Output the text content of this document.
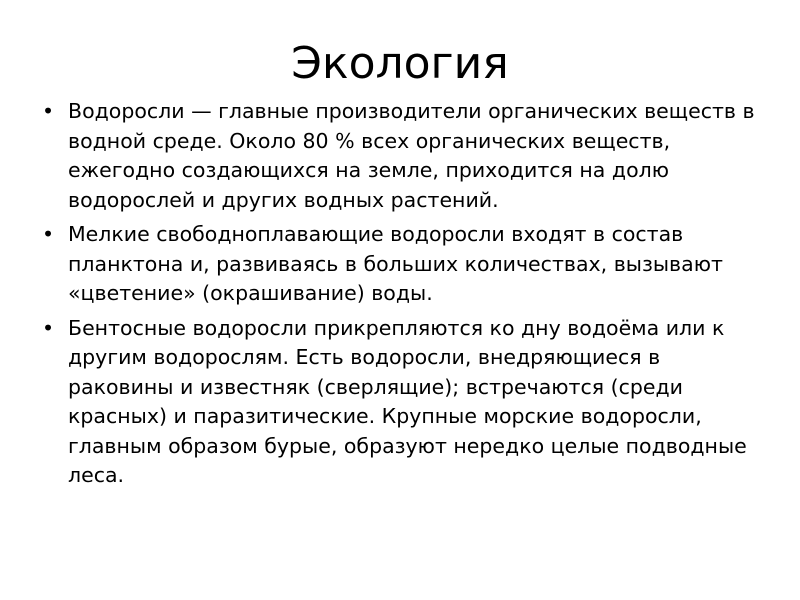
Экология
• Водоросли — главные производители органических веществ в водной среде. Около 80 % всех органических веществ, ежегодно создающихся на земле, приходится на долю водорослей и других водных растений.
• Мелкие свободноплавающие водоросли входят в состав планктона и, развиваясь в больших количествах, вызывают «цветение» (окрашивание) воды.
• Бентосные водоросли прикрепляются ко дну водоёма или к другим водорослям. Есть водоросли, внедряющиеся в раковины и известняк (сверлящие); встречаются (среди красных) и паразитические. Крупные морские водоросли, главным образом бурые, образуют нередко целые подводные леса.
